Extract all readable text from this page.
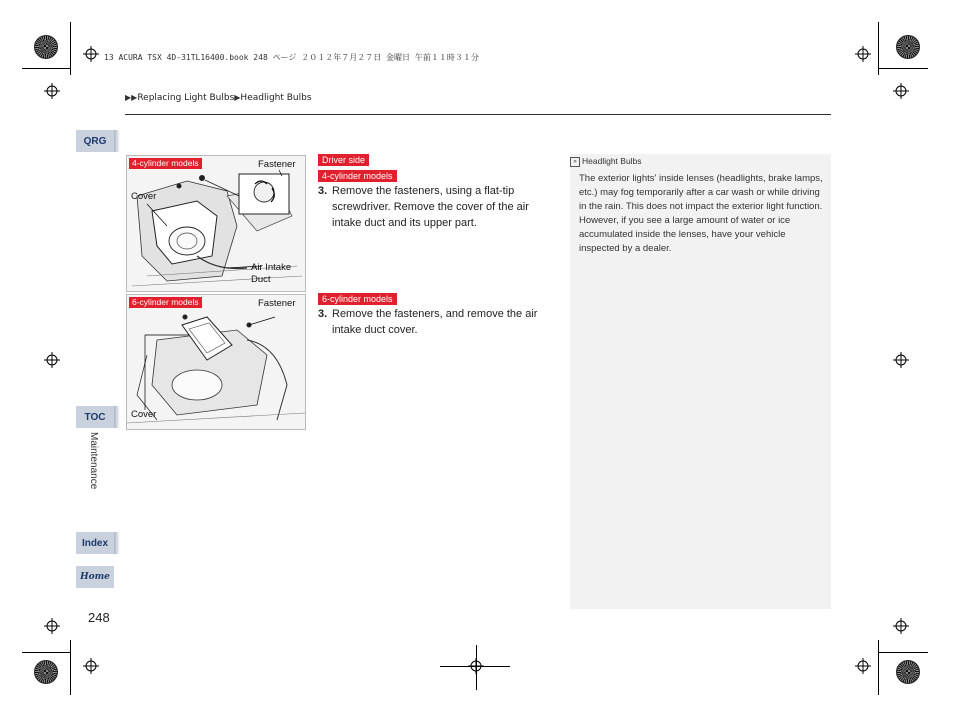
13 ACURA TSX 4D-31TL16400.book 248 ページ ２０１２年７月２７日 金曜日 午前１１時３１分
▶▶Replacing Light Bulbs▶Headlight Bulbs
QRG
TOC
Index
Home
Maintenance
248
4-cylinder models	Fastener
Cover
Air Intake
Duct
6-cylinder models	Fastener
Cover
Driver side
4-cylinder models
3. Remove the fasteners, using a flat-tip screwdriver. Remove the cover of the air intake duct and its upper part.
6-cylinder models
3. Remove the fasteners, and remove the air intake duct cover.
» Headlight Bulbs
The exterior lights' inside lenses (headlights, brake lamps, etc.) may fog temporarily after a car wash or while driving in the rain. This does not impact the exterior light function.
However, if you see a large amount of water or ice accumulated inside the lenses, have your vehicle inspected by a dealer.
